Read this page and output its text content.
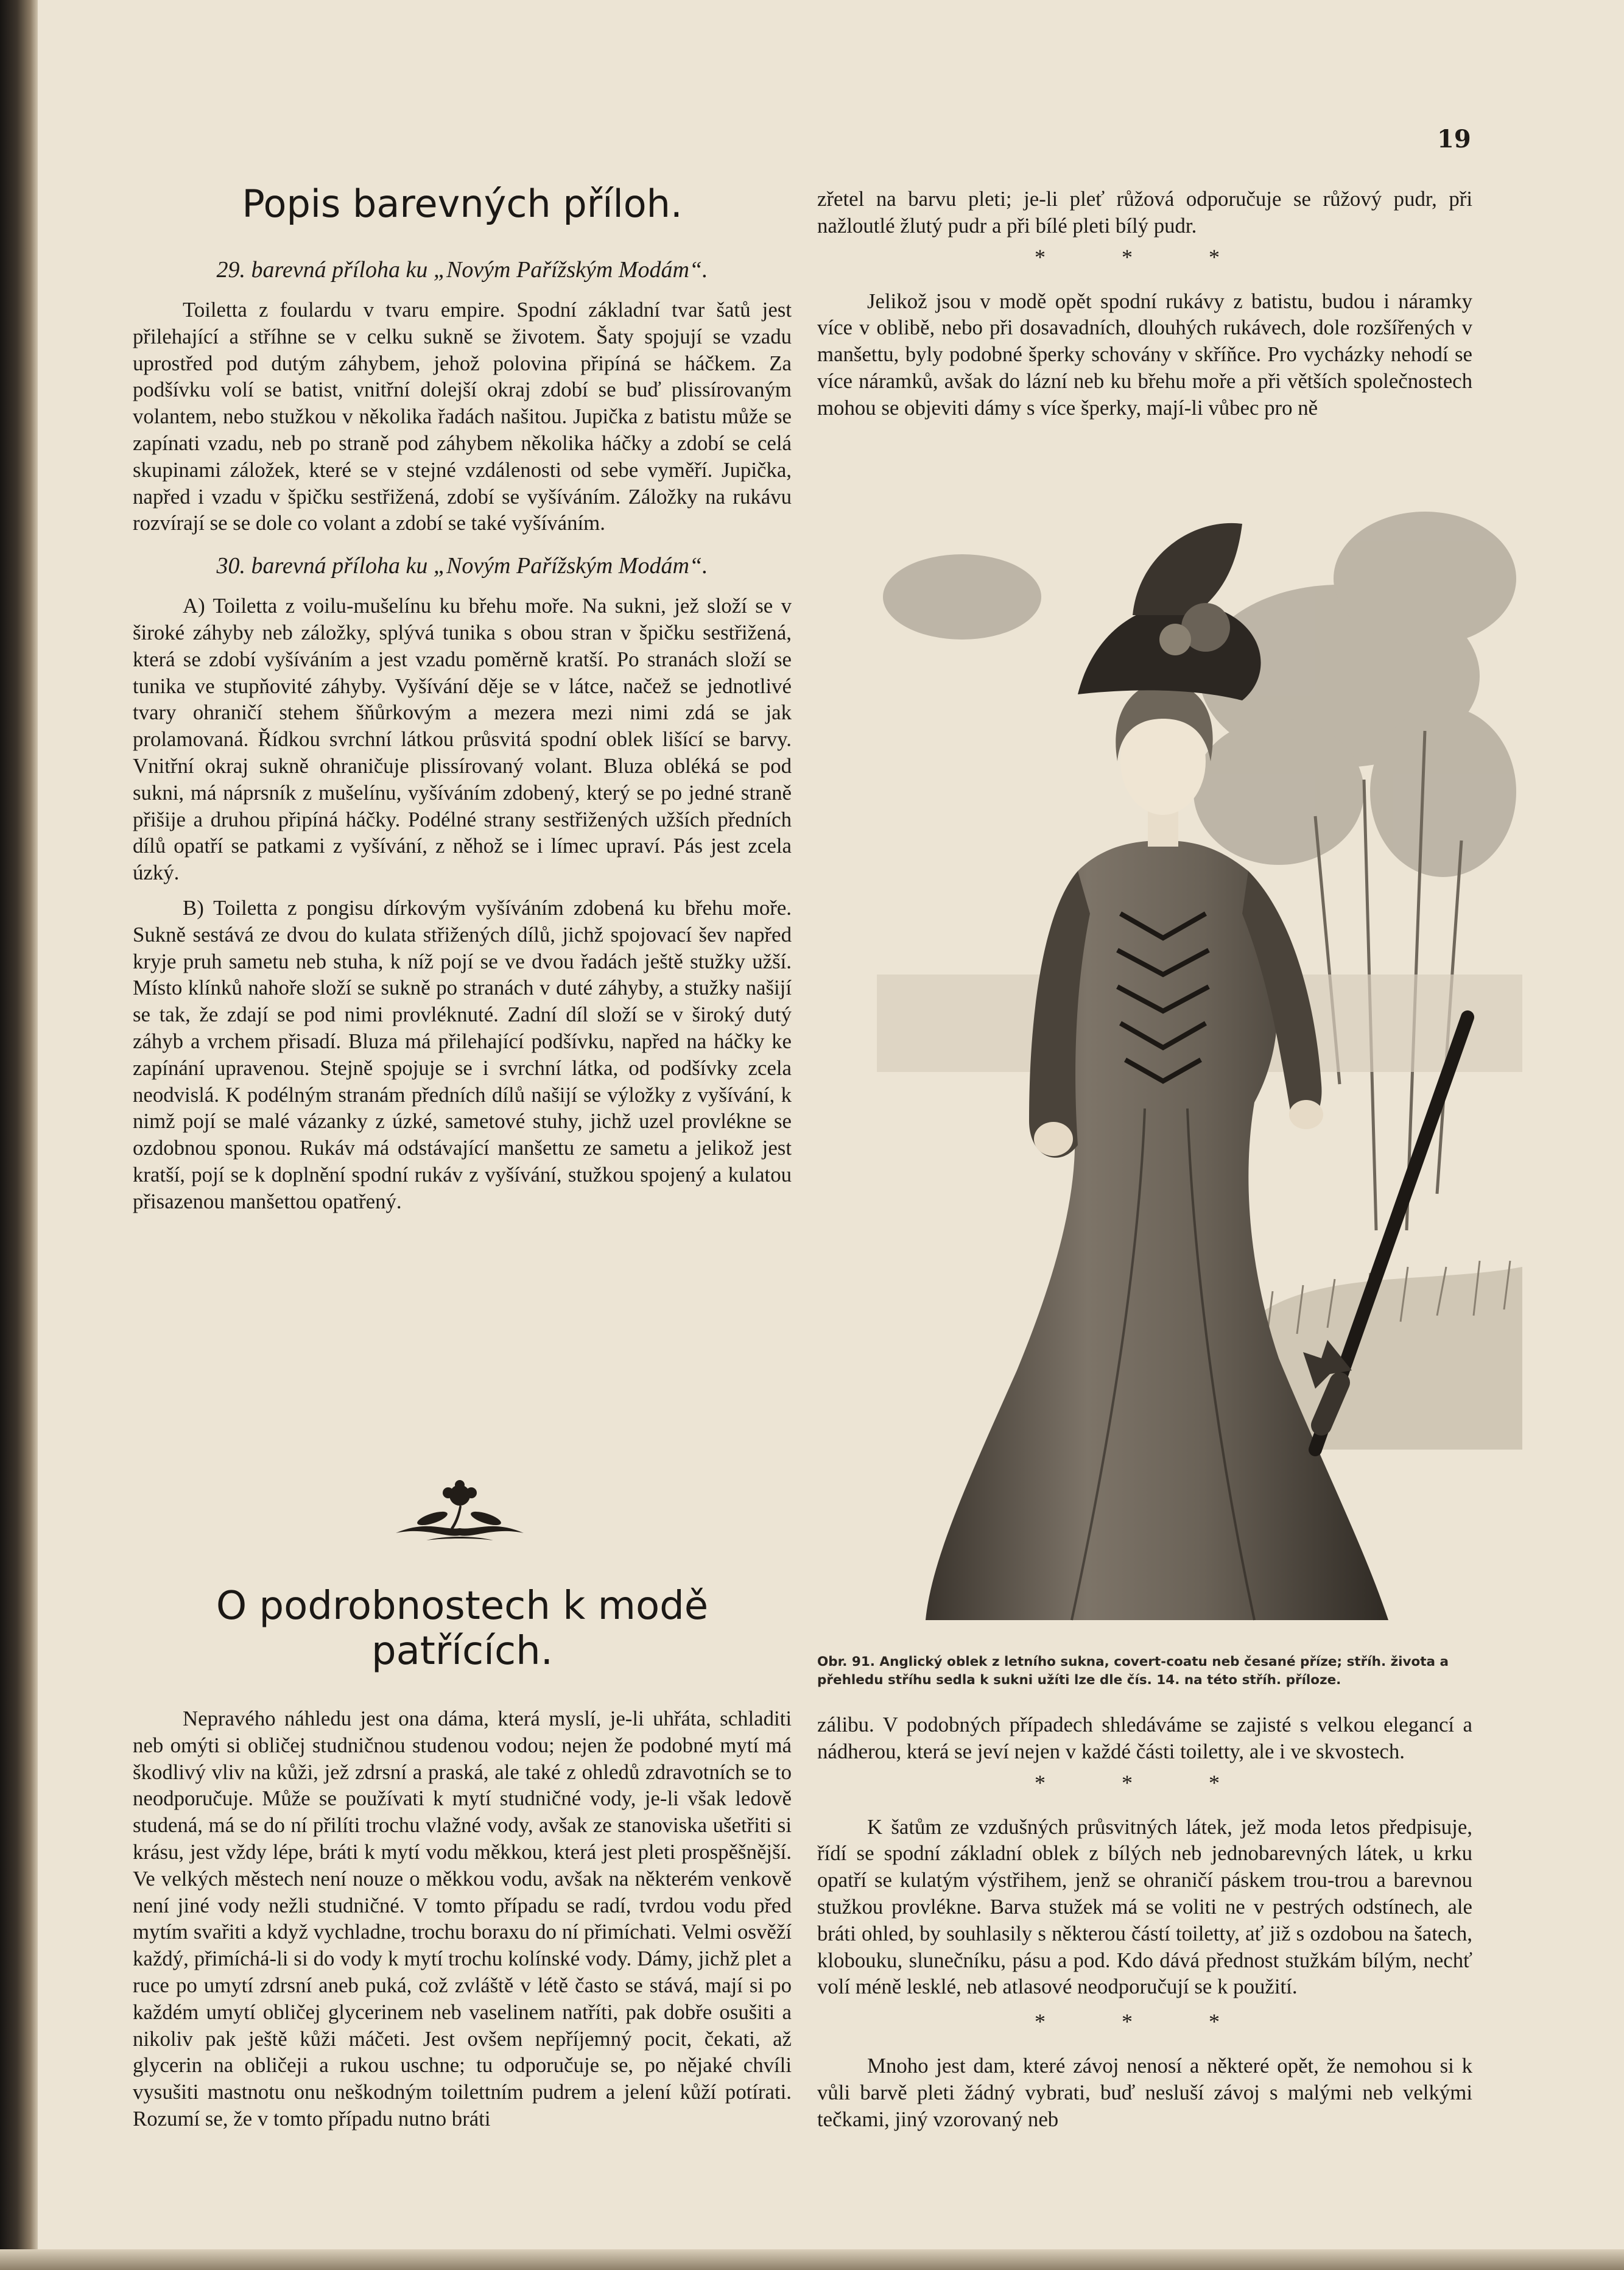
19
Popis barevných příloh.
29. barevná příloha ku „Novým Pařížským Modám“.

Toiletta z foulardu v tvaru empire. Spodní základní tvar šatů jest přilehající a stříhne se v celku sukně se životem. Šaty spojují se vzadu uprostřed pod dutým záhybem, jehož polovina připíná se háčkem. Za podšívku volí se batist, vnitřní dolejší okraj zdobí se buď plissírovaným volantem, nebo stužkou v několika řadách našitou. Jupička z batistu může se zapínati vzadu, neb po straně pod záhybem několika háčky a zdobí se celá skupinami záložek, které se v stejné vzdálenosti od sebe vyměří. Jupička, napřed i vzadu v špičku sestřižená, zdobí se vyšíváním. Záložky na rukávu rozvírají se se dole co volant a zdobí se také vyšíváním.

30. barevná příloha ku „Novým Pařížským Modám“.

A) Toiletta z voilu-mušelínu ku břehu moře. Na sukni, jež složí se v široké záhyby neb záložky, splývá tunika s obou stran v špičku sestřižená, která se zdobí vyšíváním a jest vzadu poměrně kratší. Po stranách složí se tunika ve stupňovité záhyby. Vyšívání děje se v látce, načež se jednotlivé tvary ohraničí stehem šňůrkovým a mezera mezi nimi zdá se jak prolamovaná. Řídkou svrchní látkou průsvitá spodní oblek lišící se barvy. Vnitřní okraj sukně ohraničuje plissírovaný volant. Bluza obléká se pod sukni, má náprsník z mušelínu, vyšíváním zdobený, který se po jedné straně přišije a druhou připíná háčky. Podélné strany sestřižených užších předních dílů opatří se patkami z vyšívání, z něhož se i límec upraví. Pás jest zcela úzký.

B) Toiletta z pongisu dírkovým vyšíváním zdobená ku břehu moře. Sukně sestává ze dvou do kulata střižených dílů, jichž spojovací šev napřed kryje pruh sametu neb stuha, k níž pojí se ve dvou řadách ještě stužky užší. Místo klínků nahoře složí se sukně po stranách v duté záhyby, a stužky našijí se tak, že zdají se pod nimi provléknuté. Zadní díl složí se v široký dutý záhyb a vrchem přisadí. Bluza má přilehající podšívku, napřed na háčky ke zapínání upravenou. Stejně spojuje se i svrchní látka, od podšívky zcela neodvislá. K podélným stranám předních dílů našijí se výložky z vyšívání, k nimž pojí se malé vázanky z úzké, sametové stuhy, jichž uzel provlékne se ozdobnou sponou. Rukáv má odstávající manšettu ze sametu a jelikož jest kratší, pojí se k doplnění spodní rukáv z vyšívání, stužkou spojený a kulatou přisazenou manšettou opatřený.

O podrobnostech k modě patřících.

Nepravého náhledu jest ona dáma, která myslí, je-li uhřáta, schladiti neb omýti si obličej studničnou studenou vodou; nejen že podobné mytí má škodlivý vliv na kůži, jež zdrsní a praská, ale také z ohledů zdravotních se to neodporučuje. Může se používati k mytí studničné vody, je-li však ledově studená, má se do ní přilíti trochu vlažné vody, avšak ze stanoviska ušetřiti si krásu, jest vždy lépe, bráti k mytí vodu měkkou, která jest pleti prospěšnější. Ve velkých městech není nouze o měkkou vodu, avšak na některém venkově není jiné vody nežli studničné. V tomto případu se radí, tvrdou vodu před mytím svařiti a když vychladne, trochu boraxu do ní přimíchati. Velmi osvěží každý, přimíchá-li si do vody k mytí trochu kolínské vody. Dámy, jichž plet a ruce po umytí zdrsní aneb puká, což zvláště v létě často se stává, mají si po každém umytí obličej glycerinem neb vaselinem natříti, pak dobře osušiti a nikoliv pak ještě kůži máčeti. Jest ovšem nepříjemný pocit, čekati, až glycerin na obličeji a rukou uschne; tu odporučuje se, po nějaké chvíli vysušiti mastnotu onu neškodným toilettním pudrem a jelení kůží potírati. Rozumí se, že v tomto případu nutno bráti

zřetel na barvu pleti; je-li pleť růžová odporučuje se růžový pudr, při nažloutlé žlutý pudr a při bílé pleti bílý pudr.

* * *

Jelikož jsou v modě opět spodní rukávy z batistu, budou i náramky více v oblibě, nebo při dosavadních, dlouhých rukávech, dole rozšířených v manšettu, byly podobné šperky schovány v skříňce. Pro vycházky nehodí se více náramků, avšak do lázní neb ku břehu moře a při větších společnostech mohou se objeviti dámy s více šperky, mají-li vůbec pro ně

Obr. 91. Anglický oblek z letního sukna, covert-coatu neb česané příze; stříh. života a přehledu stříhu sedla k sukni užíti lze dle čís. 14. na této stříh. příloze.

zálibu. V podobných případech shledáváme se zajisté s velkou elegancí a nádherou, která se jeví nejen v každé části toiletty, ale i ve skvostech.

* * *

K šatům ze vzdušných průsvitných látek, jež moda letos předpisuje, řídí se spodní základní oblek z bílých neb jednobarevných látek, u krku opatří se kulatým výstřihem, jenž se ohraničí páskem trou-trou a barevnou stužkou provlékne. Barva stužek má se voliti ne v pestrých odstínech, ale bráti ohled, by souhlasily s některou částí toiletty, ať již s ozdobou na šatech, klobouku, slunečníku, pásu a pod. Kdo dává přednost stužkám bílým, nechť volí méně lesklé, neb atlasové neodporučují se k použití.

* * *

Mnoho jest dam, které závoj nenosí a některé opět, že nemohou si k vůli barvě pleti žádný vybrati, buď nesluší závoj s malými neb velkými tečkami, jiný vzorovaný neb
